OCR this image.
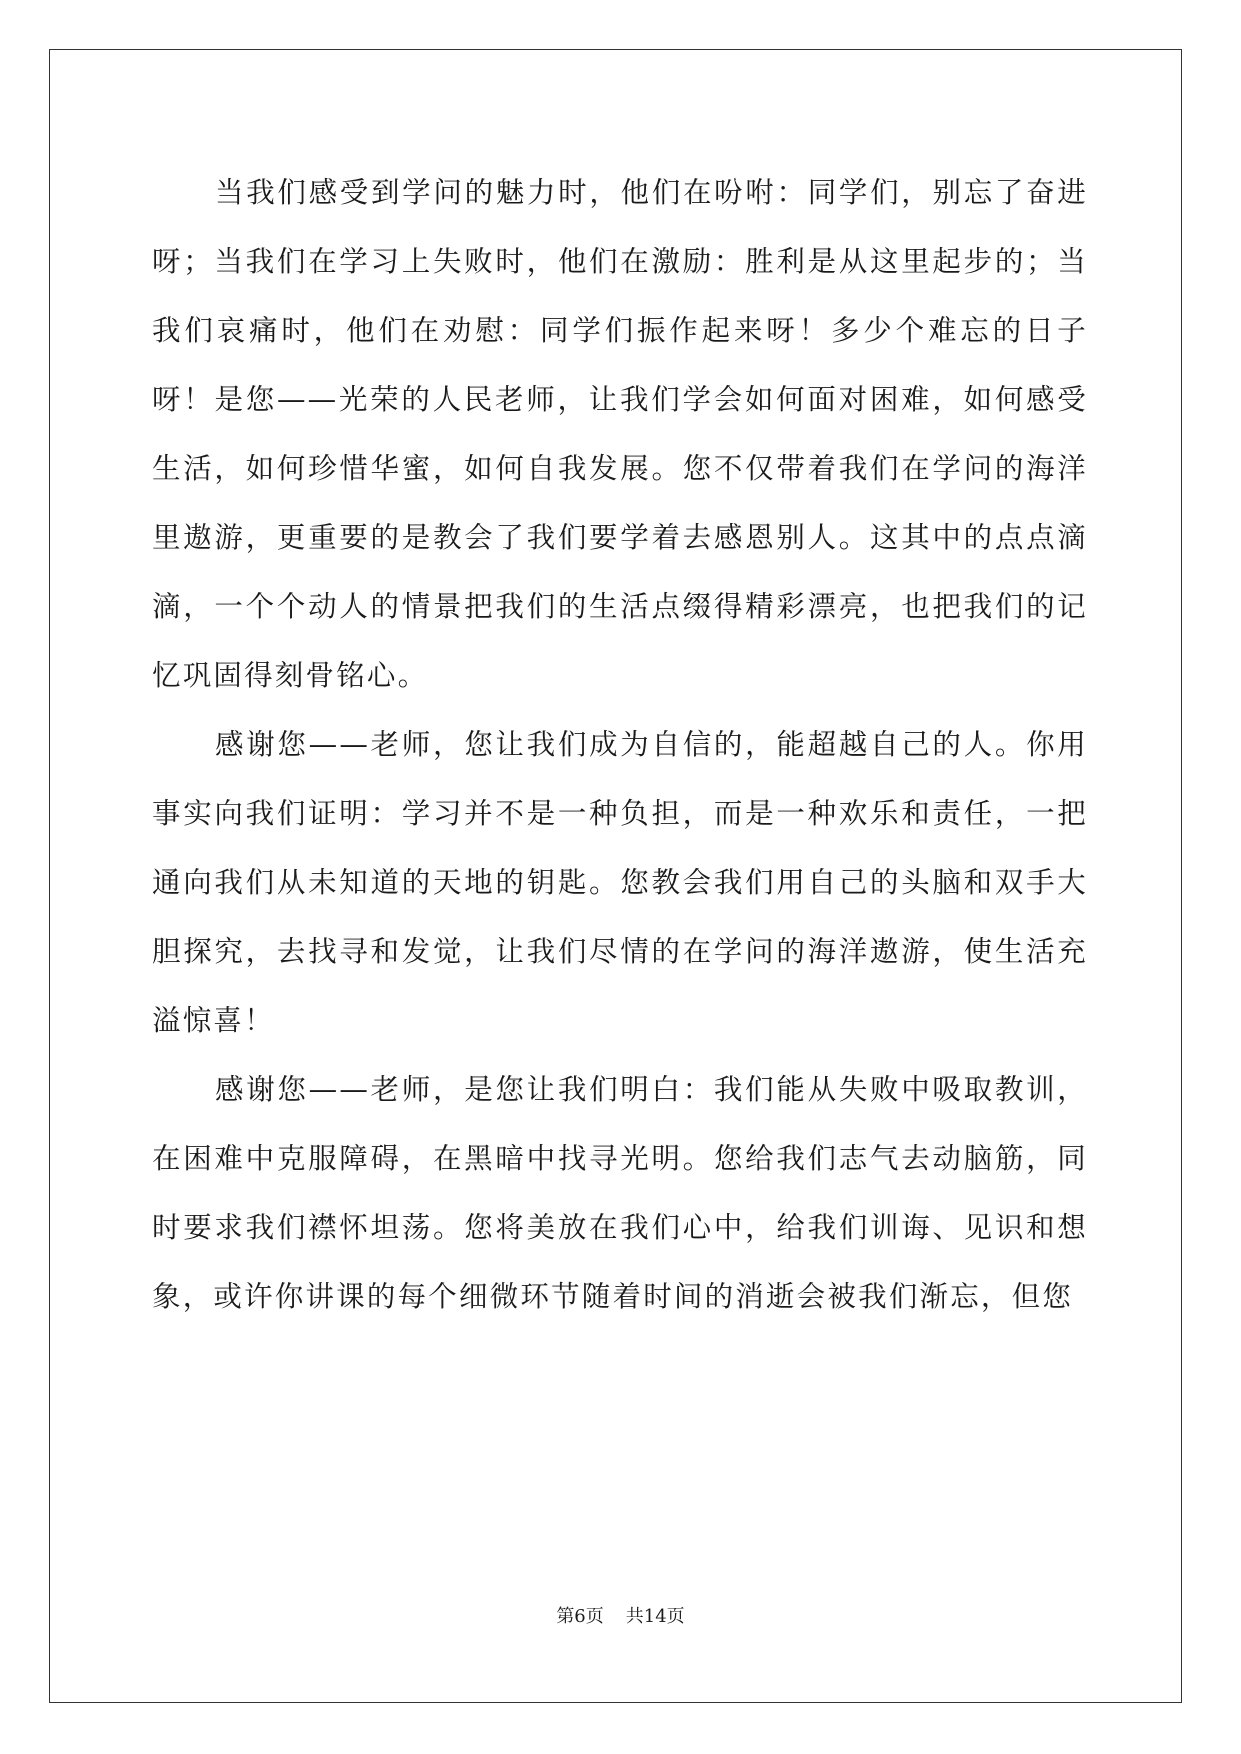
当我们感受到学问的魅力时，他们在吩咐：同学们，别忘了奋进呀；当我们在学习上失败时，他们在激励：胜利是从这里起步的；当我们哀痛时，他们在劝慰：同学们振作起来呀！多少个难忘的日子呀！是您——光荣的人民老师，让我们学会如何面对困难，如何感受生活，如何珍惜华蜜，如何自我发展。您不仅带着我们在学问的海洋里遨游，更重要的是教会了我们要学着去感恩别人。这其中的点点滴滴，一个个动人的情景把我们的生活点缀得精彩漂亮，也把我们的记忆巩固得刻骨铭心。

感谢您——老师，您让我们成为自信的，能超越自己的人。你用事实向我们证明：学习并不是一种负担，而是一种欢乐和责任，一把通向我们从未知道的天地的钥匙。您教会我们用自己的头脑和双手大胆探究，去找寻和发觉，让我们尽情的在学问的海洋遨游，使生活充溢惊喜！

感谢您——老师，是您让我们明白：我们能从失败中吸取教训，在困难中克服障碍，在黑暗中找寻光明。您给我们志气去动脑筋，同时要求我们襟怀坦荡。您将美放在我们心中，给我们训诲、见识和想象，或许你讲课的每个细微环节随着时间的消逝会被我们渐忘，但您

第6页 共14页
